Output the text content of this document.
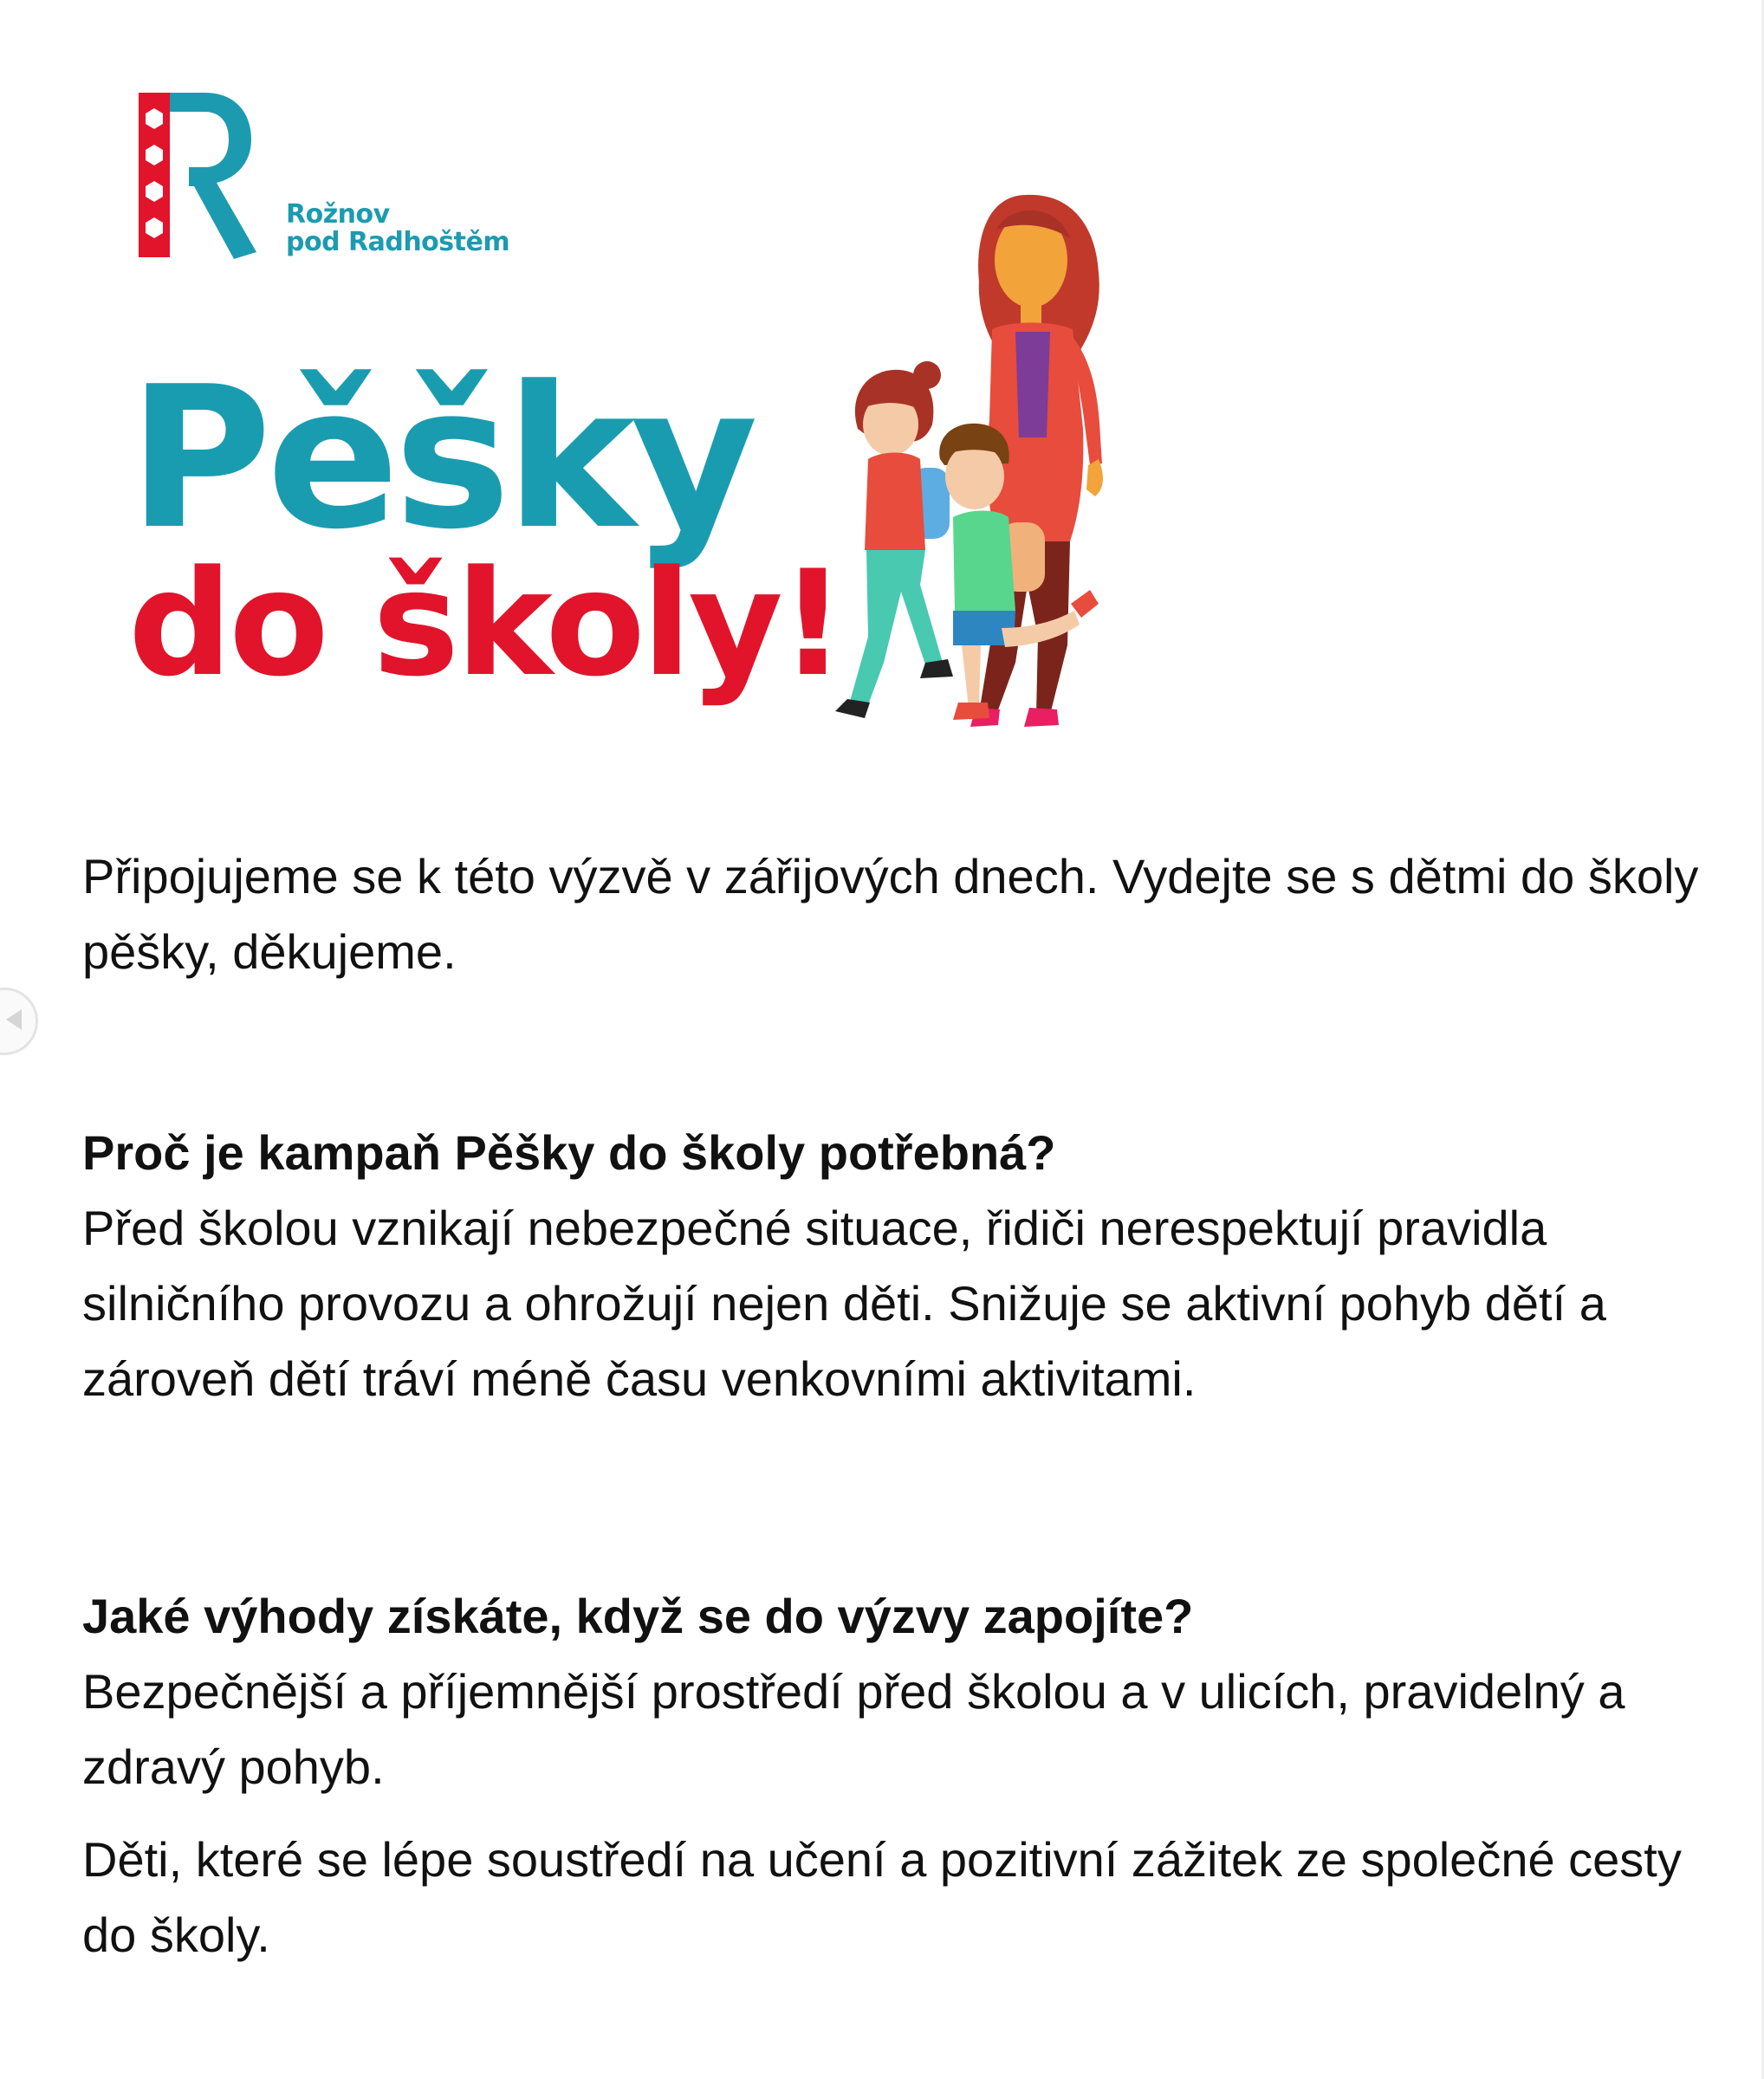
Rožnov
pod Radhoštěm
Pěšky
do školy!

Připojujeme se k této výzvě v zářijových dnech. Vydejte se s dětmi do školy pěšky, děkujeme.

Proč je kampaň Pěšky do školy potřebná?

Před školou vznikají nebezpečné situace, řidiči nerespektují pravidla silničního provozu a ohrožují nejen děti. Snižuje se aktivní pohyb dětí a zároveň dětí tráví méně času venkovními aktivitami.

Jaké výhody získáte, když se do výzvy zapojíte?

Bezpečnější a příjemnější prostředí před školou a v ulicích, pravidelný a zdravý pohyb.

Děti, které se lépe soustředí na učení a pozitivní zážitek ze společné cesty do školy.
